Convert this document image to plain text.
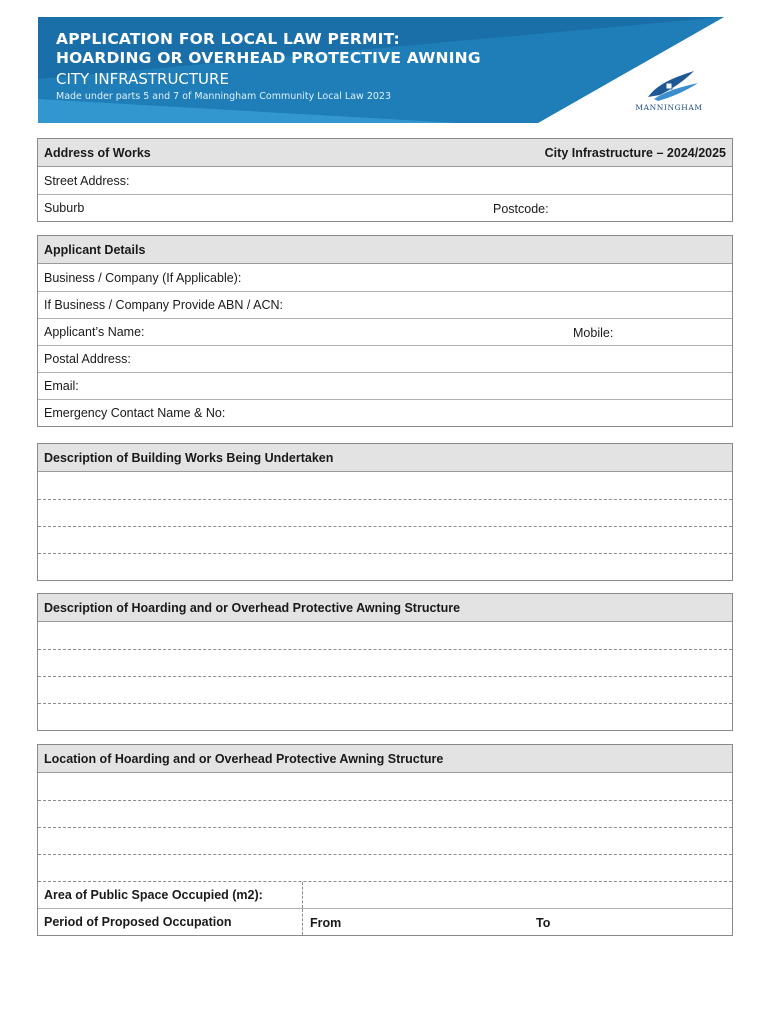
APPLICATION FOR LOCAL LAW PERMIT:
HOARDING OR OVERHEAD PROTECTIVE AWNING
CITY INFRASTRUCTURE
Made under parts 5 and 7 of Manningham Community Local Law 2023
MANNINGHAM
Address of Works	City Infrastructure – 2024/2025
Street Address:
Suburb	Postcode:
Applicant Details
Business / Company (If Applicable):
If Business / Company Provide ABN / ACN:
Applicant’s Name:	Mobile:
Postal Address:
Email:
Emergency Contact Name & No:
Description of Building Works Being Undertaken
Description of Hoarding and or Overhead Protective Awning Structure
Location of Hoarding and or Overhead Protective Awning Structure
Area of Public Space Occupied (m2):
Period of Proposed Occupation	From	To
